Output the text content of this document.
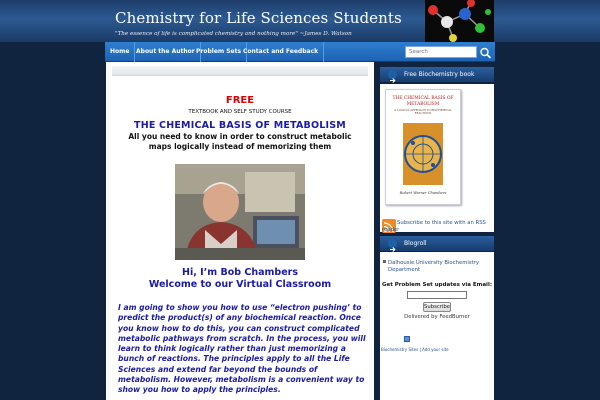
Chemistry for Life Sciences Students
"The essence of life is complicated chemistry and nothing more" ~James D. Watson
Home	About the Author Problem Sets Contact and Feedback
Search
FREE
TEXTBOOK AND SELF STUDY COURSE
THE CHEMICAL BASIS OF METABOLISM
All you need to know in order to construct metabolic maps logically instead of memorizing them
Hi, I’m Bob Chambers
Welcome to our Virtual Classroom
I am going to show you how to use “electron pushing’ to predict the product(s) of any biochemical reaction. Once you know how to do this, you can construct complicated metabolic pathways from scratch. In the process, you will learn to think logically rather than just memorizing a bunch of reactions. The principles apply to all the Life Sciences and extend far beyond the bounds of metabolism. However, metabolism is a convenient way to show you how to apply the principles.
Free Biochemistry book
THE CHEMICAL BASIS OF METABOLISM
A LOGICAL APPROACH TO BIOCHEMICAL REACTIONS
Robert Warner Chambers
Subscribe to this site with an RSS reader
Blogroll
Dalhousie University Biochemistry Department
Get Problem Set updates via Email:
Subscribe
Delivered by FeedBurner
Biochemistry Sites | Add your site
